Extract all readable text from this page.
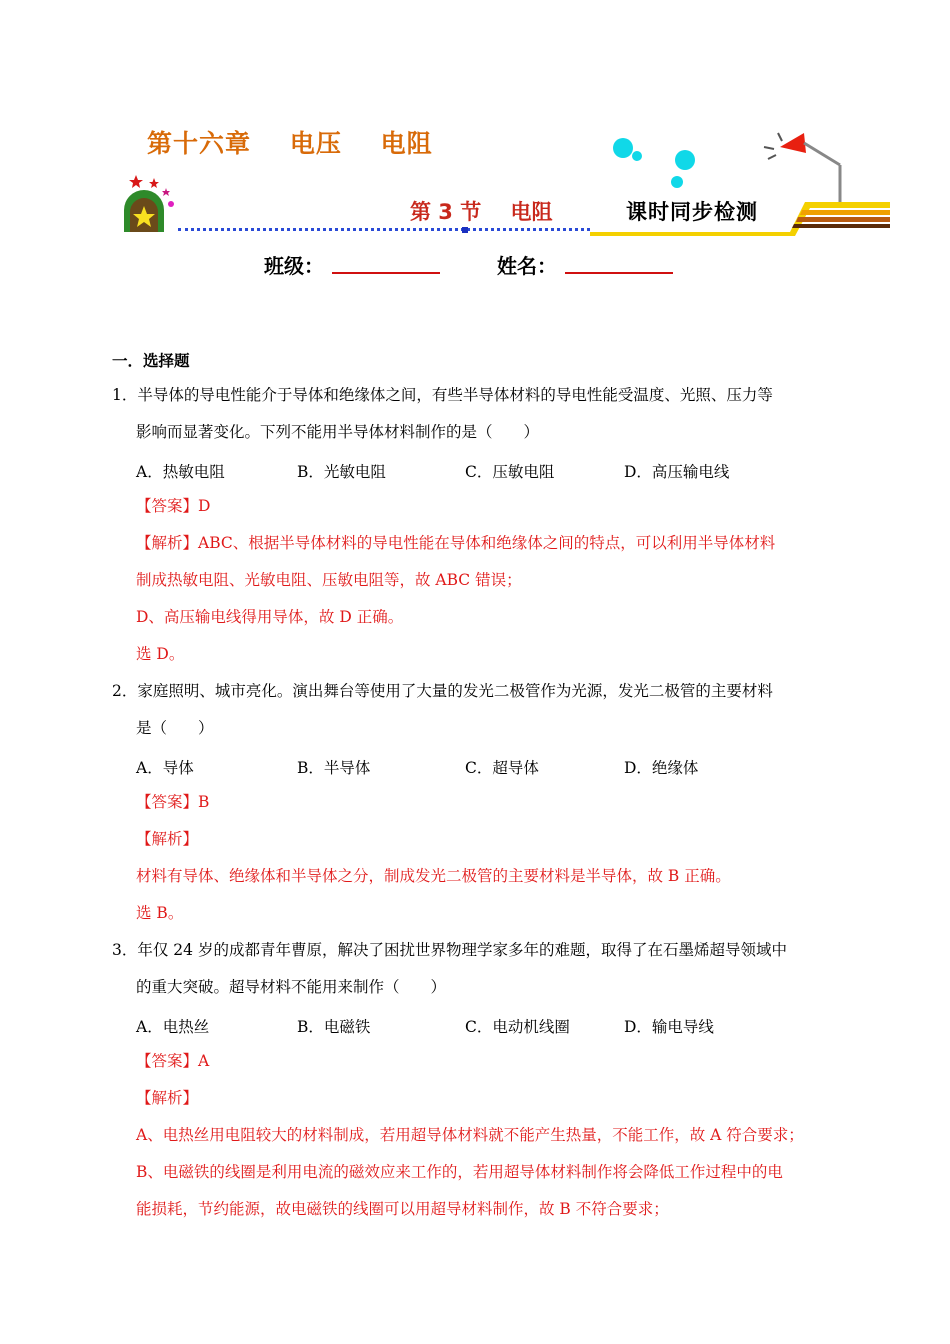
第十六章    电压    电阻
第 3 节    电阻	课时同步检测
班级：	姓名：
一．选择题
1．半导体的导电性能介于导体和绝缘体之间，有些半导体材料的导电性能受温度、光照、压力等
影响而显著变化。下列不能用半导体材料制作的是（　　）
A．热敏电阻	B．光敏电阻	C．压敏电阻	D．高压输电线
【答案】D
【解析】ABC、根据半导体材料的导电性能在导体和绝缘体之间的特点，可以利用半导体材料
制成热敏电阻、光敏电阻、压敏电阻等，故 ABC 错误；
D、高压输电线得用导体，故 D 正确。
选 D。
2．家庭照明、城市亮化。演出舞台等使用了大量的发光二极管作为光源，发光二极管的主要材料
是（　　）
A．导体	B．半导体	C．超导体	D．绝缘体
【答案】B
【解析】
材料有导体、绝缘体和半导体之分，制成发光二极管的主要材料是半导体，故 B 正确。
选 B。
3．年仅 24 岁的成都青年曹原，解决了困扰世界物理学家多年的难题，取得了在石墨烯超导领域中
的重大突破。超导材料不能用来制作（　　）
A．电热丝	B．电磁铁	C．电动机线圈	D．输电导线
【答案】A
【解析】
A、电热丝用电阻较大的材料制成，若用超导体材料就不能产生热量，不能工作，故 A 符合要求；
B、电磁铁的线圈是利用电流的磁效应来工作的，若用超导体材料制作将会降低工作过程中的电
能损耗，节约能源，故电磁铁的线圈可以用超导材料制作，故 B 不符合要求；
